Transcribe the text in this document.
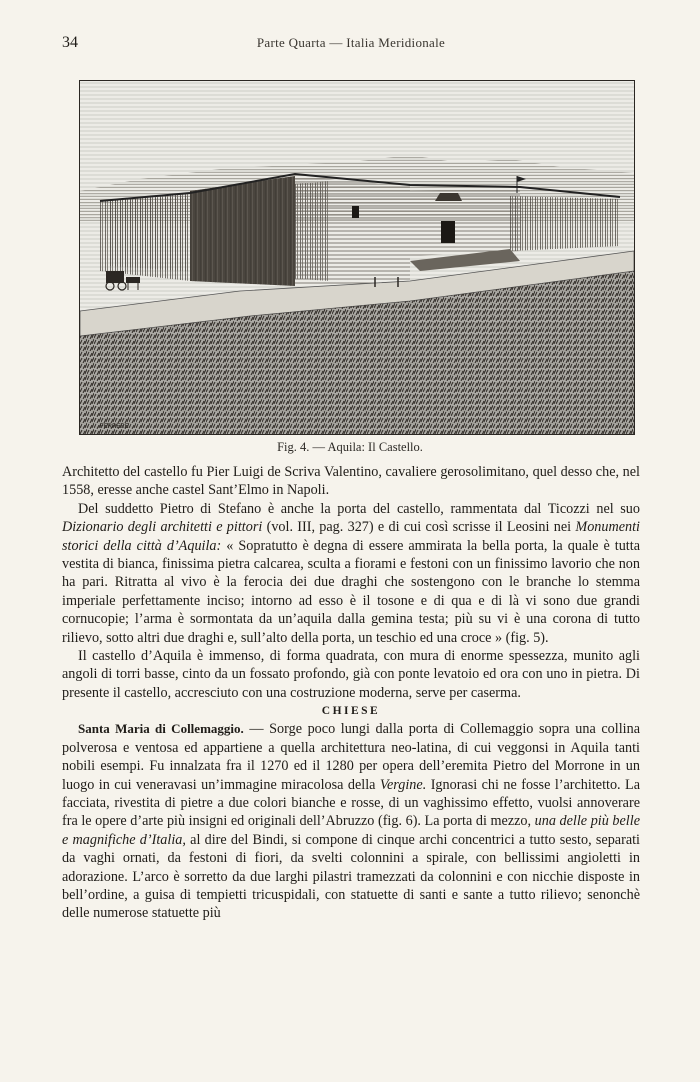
34	Parte Quarta — Italia Meridionale
FERRERE
Fig. 4. — Aquila: Il Castello.

Architetto del castello fu Pier Luigi de Scriva Valentino, cavaliere gerosolimitano, quel desso che, nel 1558, eresse anche castel Sant’Elmo in Napoli.

Del suddetto Pietro di Stefano è anche la porta del castello, rammentata dal Ticozzi nel suo Dizionario degli architetti e pittori (vol. III, pag. 327) e di cui così scrisse il Leosini nei Monumenti storici della città d’Aquila: « Sopratutto è degna di essere ammirata la bella porta, la quale è tutta vestita di bianca, finissima pietra calcarea, sculta a fiorami e festoni con un finissimo lavorio che non ha pari. Ritratta al vivo è la ferocia dei due draghi che sostengono con le branche lo stemma imperiale perfettamente inciso; intorno ad esso è il tosone e di qua e di là vi sono due grandi cornucopie; l’arma è sormontata da un’aquila dalla gemina testa; più su vi è una corona di tutto rilievo, sotto altri due draghi e, sull’alto della porta, un teschio ed una croce » (fig. 5).

Il castello d’Aquila è immenso, di forma quadrata, con mura di enorme spessezza, munito agli angoli di torri basse, cinto da un fossato profondo, già con ponte levatoio ed ora con uno in pietra. Di presente il castello, accresciuto con una costruzione moderna, serve per caserma.

CHIESE

Santa Maria di Collemaggio. — Sorge poco lungi dalla porta di Collemaggio sopra una collina polverosa e ventosa ed appartiene a quella architettura neo-latina, di cui veggonsi in Aquila tanti nobili esempi. Fu innalzata fra il 1270 ed il 1280 per opera dell’eremita Pietro del Morrone in un luogo in cui veneravasi un’immagine miracolosa della Vergine. Ignorasi chi ne fosse l’architetto. La facciata, rivestita di pietre a due colori bianche e rosse, di un vaghissimo effetto, vuolsi annoverare fra le opere d’arte più insigni ed originali dell’Abruzzo (fig. 6). La porta di mezzo, una delle più belle e magnifiche d’Italia, al dire del Bindi, si compone di cinque archi concentrici a tutto sesto, separati da vaghi ornati, da festoni di fiori, da svelti colonnini a spirale, con bellissimi angioletti in adorazione. L’arco è sorretto da due larghi pilastri tramezzati da colonnini e con nicchie disposte in bell’ordine, a guisa di tempietti tricuspidali, con statuette di santi e sante a tutto rilievo; senonchè delle numerose statuette più
